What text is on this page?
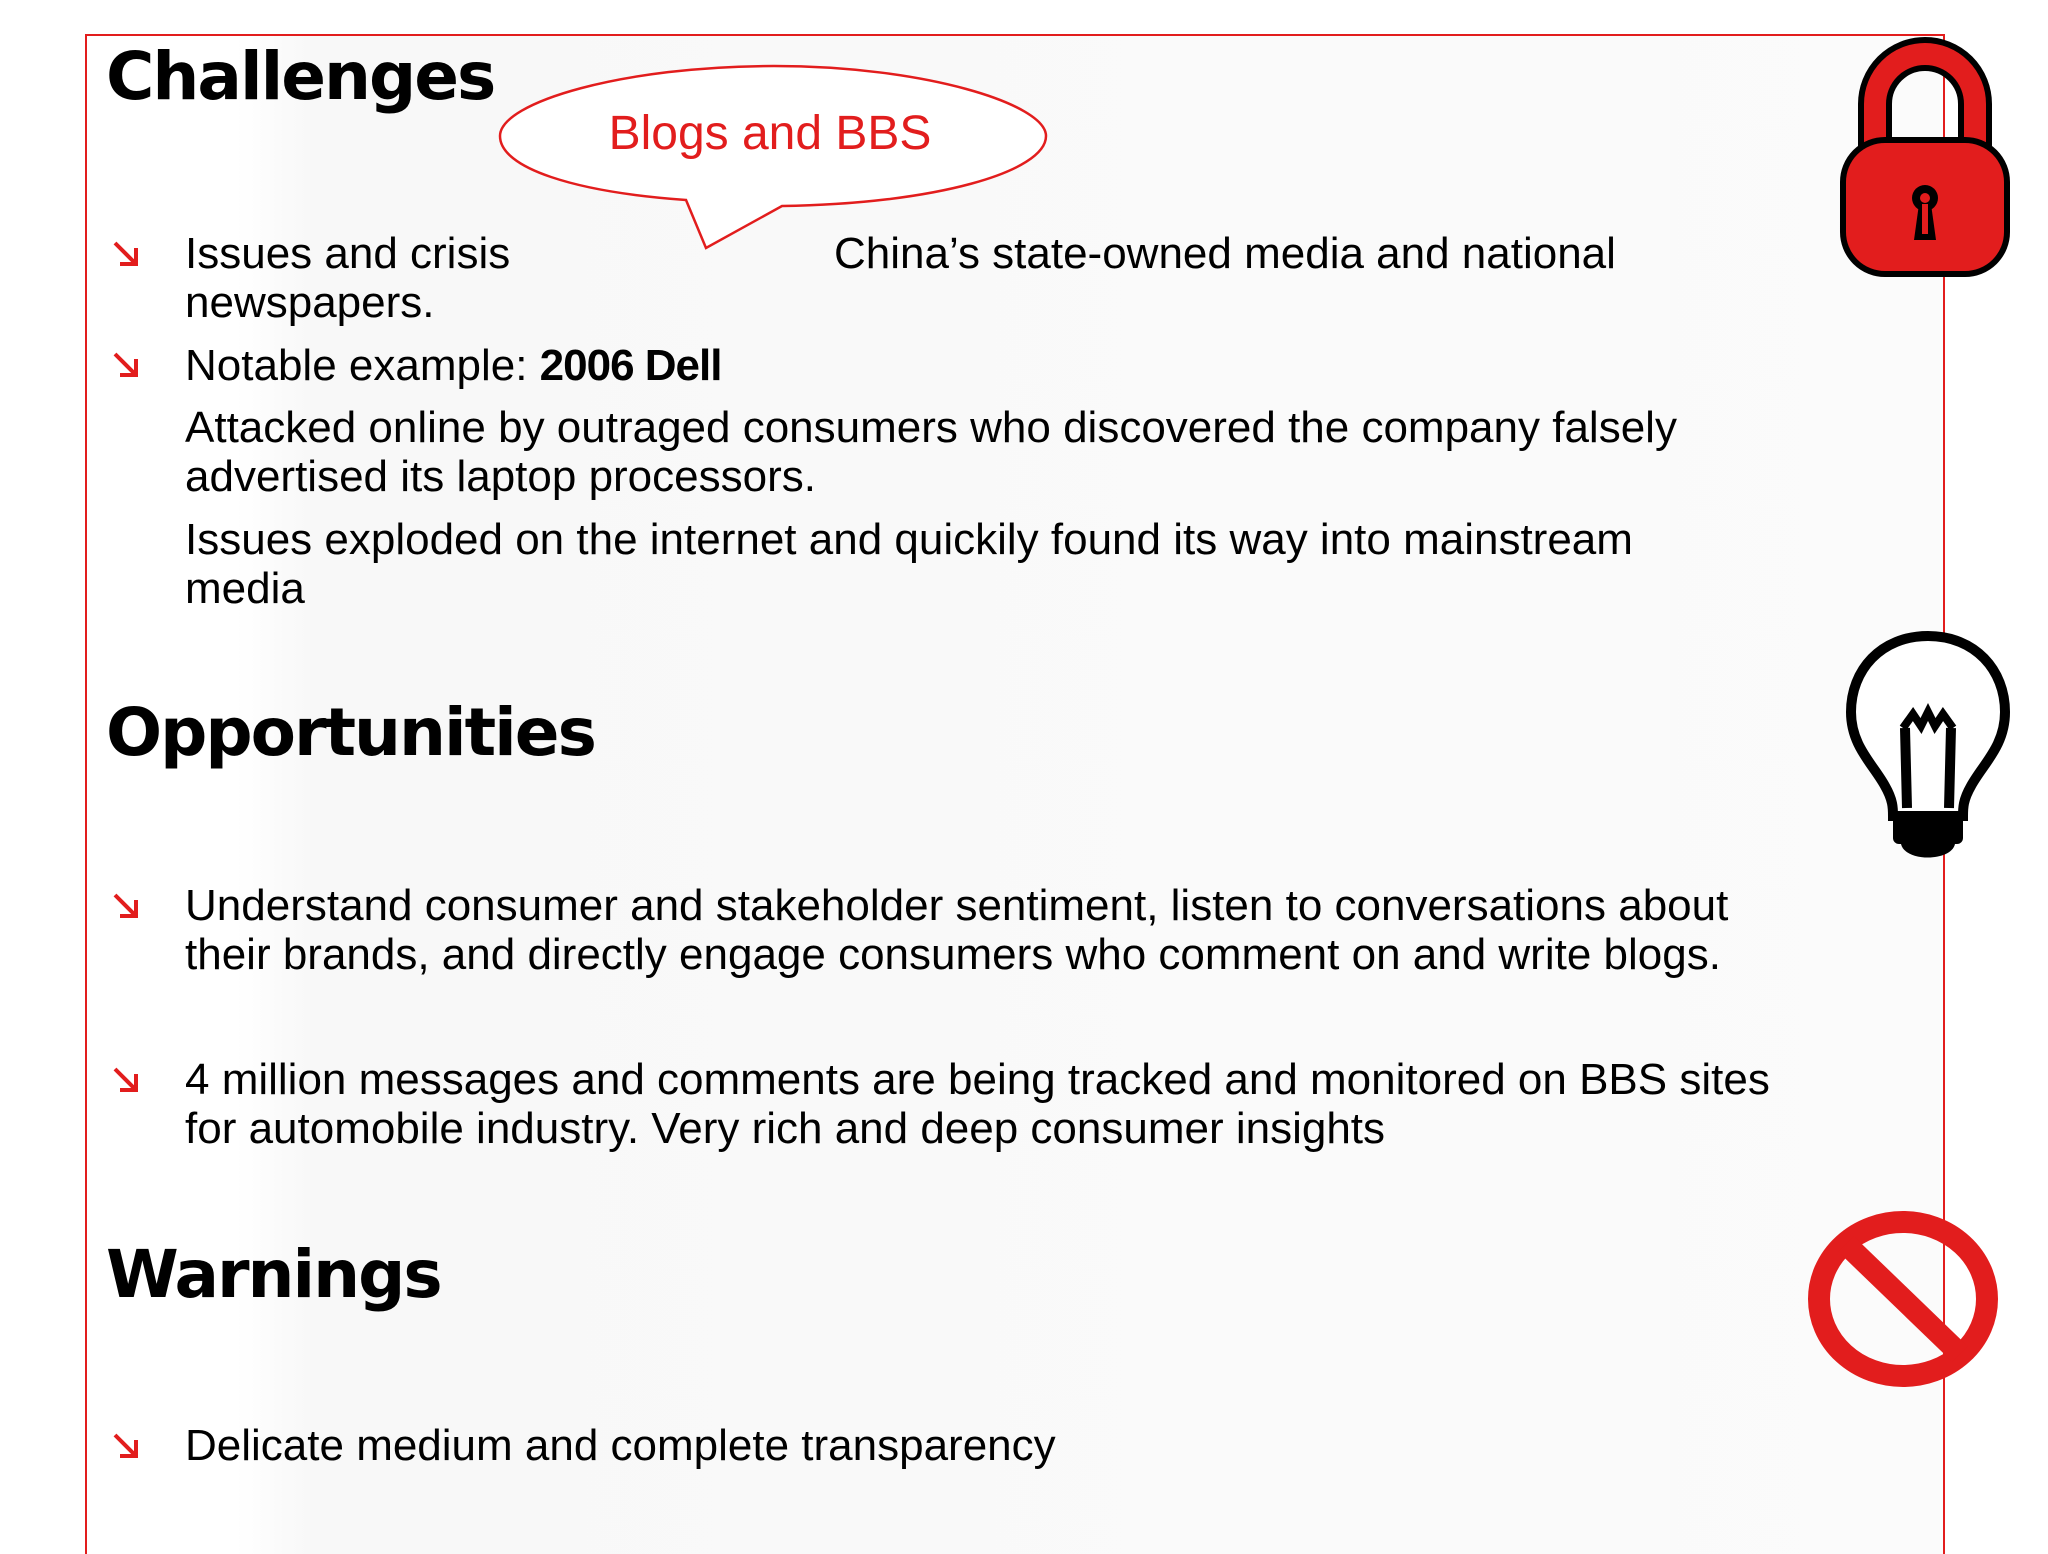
Challenges
Blogs and BBS
Issues and crisis	China’s state-owned media and national
newspapers.
Notable example: 2006 Dell
Attacked online by outraged consumers who discovered the company falsely
advertised its laptop processors.
Issues exploded on the internet and quickily found its way into mainstream
media
Opportunities
Understand consumer and stakeholder sentiment, listen to conversations about
their brands, and directly engage consumers who comment on and write blogs.
4 million messages and comments are being tracked and monitored on BBS sites
for automobile industry. Very rich and deep consumer insights
Warnings
Delicate medium and complete transparency
